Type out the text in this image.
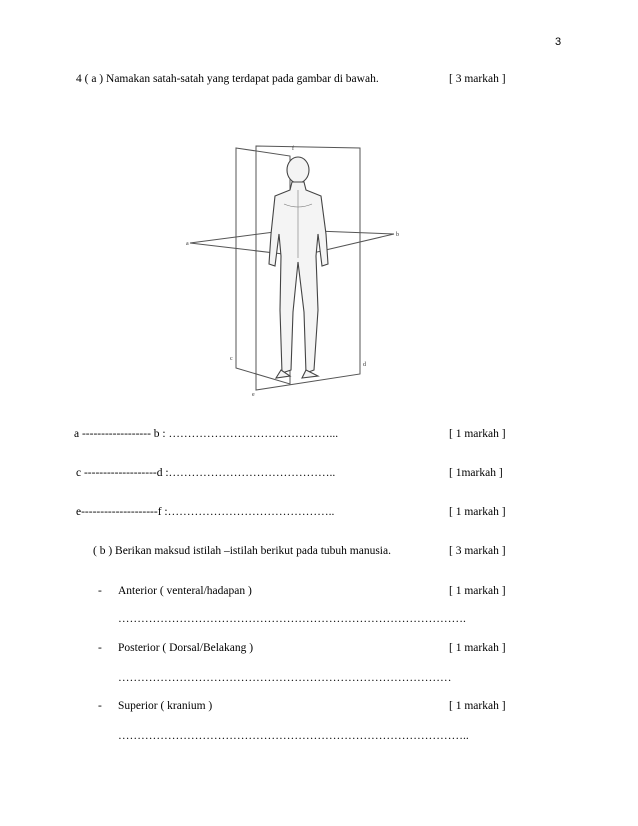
3
4 ( a ) Namakan satah-satah yang terdapat pada gambar di bawah.	[ 3 markah ]
a
b
c
d
e
f
a ------------------ b : ……………………………………...	[ 1 markah ]
c -------------------d :……………………………………..	[ 1markah ]
e--------------------f :……………………………………..	[ 1 markah ]
( b ) Berikan maksud istilah –istilah berikut pada tubuh manusia.	[ 3 markah ]
- Anterior ( venteral/hadapan )	[ 1 markah ]
……………………………………………………………………………….
- Posterior ( Dorsal/Belakang )	[ 1 markah ]
……………………………………………………………………………
- Superior ( kranium )	[ 1 markah ]
………………………………………………………………………………..
